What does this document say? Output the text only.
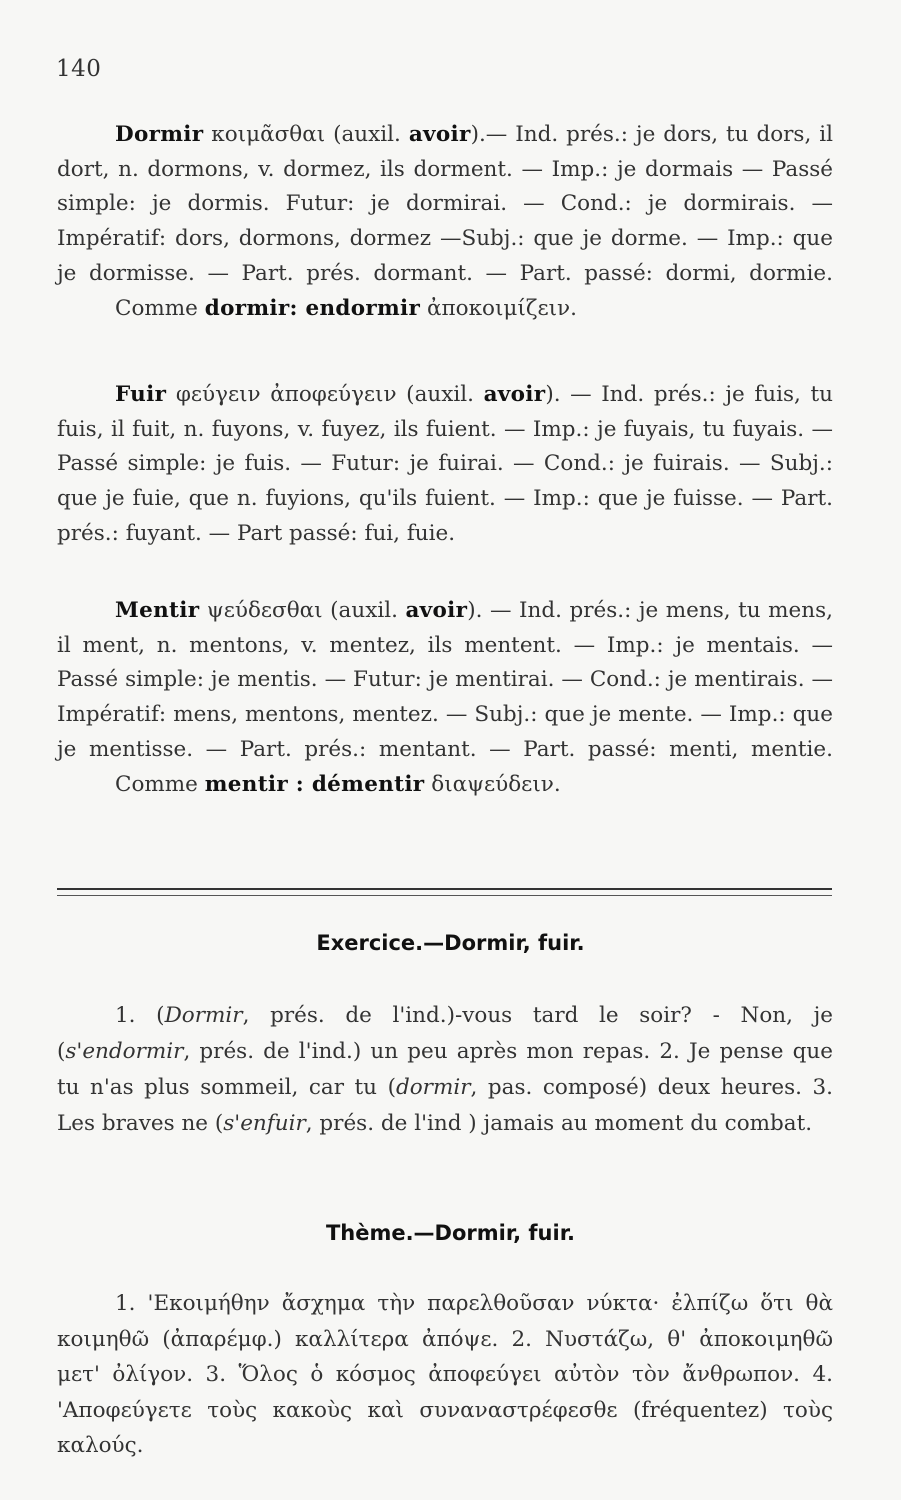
140

Dormir κοιμᾶσθαι (auxil. avoir).— Ind. prés.: je dors, tu dors, il dort, n. dormons, v. dormez, ils dorment. — Imp.: je dormais — Passé simple: je dormis. Futur: je dormirai. — Cond.: je dormirais. — Impératif: dors, dormons, dormez —Subj.: que je dorme. — Imp.: que je dormisse. — Part. prés. dormant. — Part. passé: dormi, dormie.

Comme dormir: endormir ἀποκοιμίζειν.

Fuir φεύγειν ἀποφεύγειν (auxil. avoir). — Ind. prés.: je fuis, tu fuis, il fuit, n. fuyons, v. fuyez, ils fuient. — Imp.: je fuyais, tu fuyais. — Passé simple: je fuis. — Futur: je fuirai. — Cond.: je fuirais. — Subj.: que je fuie, que n. fuyions, qu'ils fuient. — Imp.: que je fuisse. — Part. prés.: fuyant. — Part passé: fui, fuie.

Mentir ψεύδεσθαι (auxil. avoir). — Ind. prés.: je mens, tu mens, il ment, n. mentons, v. mentez, ils mentent. — Imp.: je mentais. — Passé simple: je mentis. — Futur: je mentirai. — Cond.: je mentirais. — Impératif: mens, mentons, mentez. — Subj.: que je mente. — Imp.: que je mentisse. — Part. prés.: mentant. — Part. passé: menti, mentie.

Comme mentir : démentir διαψεύδειν.

Exercice.—Dormir, fuir.

1. (Dormir, prés. de l'ind.)-vous tard le soir? - Non, je (s'endormir, prés. de l'ind.) un peu après mon repas. 2. Je pense que tu n'as plus sommeil, car tu (dormir, pas. composé) deux heures. 3. Les braves ne (s'enfuir, prés. de l'ind ) jamais au moment du combat.

Thème.—Dormir, fuir.

1. 'Εκοιμήθην ἄσχημα τὴν παρελθοῦσαν νύκτα· ἐλπίζω ὅτι θὰ κοιμηθῶ (ἀπαρέμφ.) καλλίτερα ἀπόψε. 2. Νυστάζω, θ' ἀποκοιμηθῶ μετ' ὀλίγον. 3. Ὅλος ὁ κόσμος ἀποφεύγει αὐτὸν τὸν ἄνθρωπον. 4. 'Αποφεύγετε τοὺς κακοὺς καὶ συναναστρέφεσθε (fréquentez) τοὺς καλούς.
